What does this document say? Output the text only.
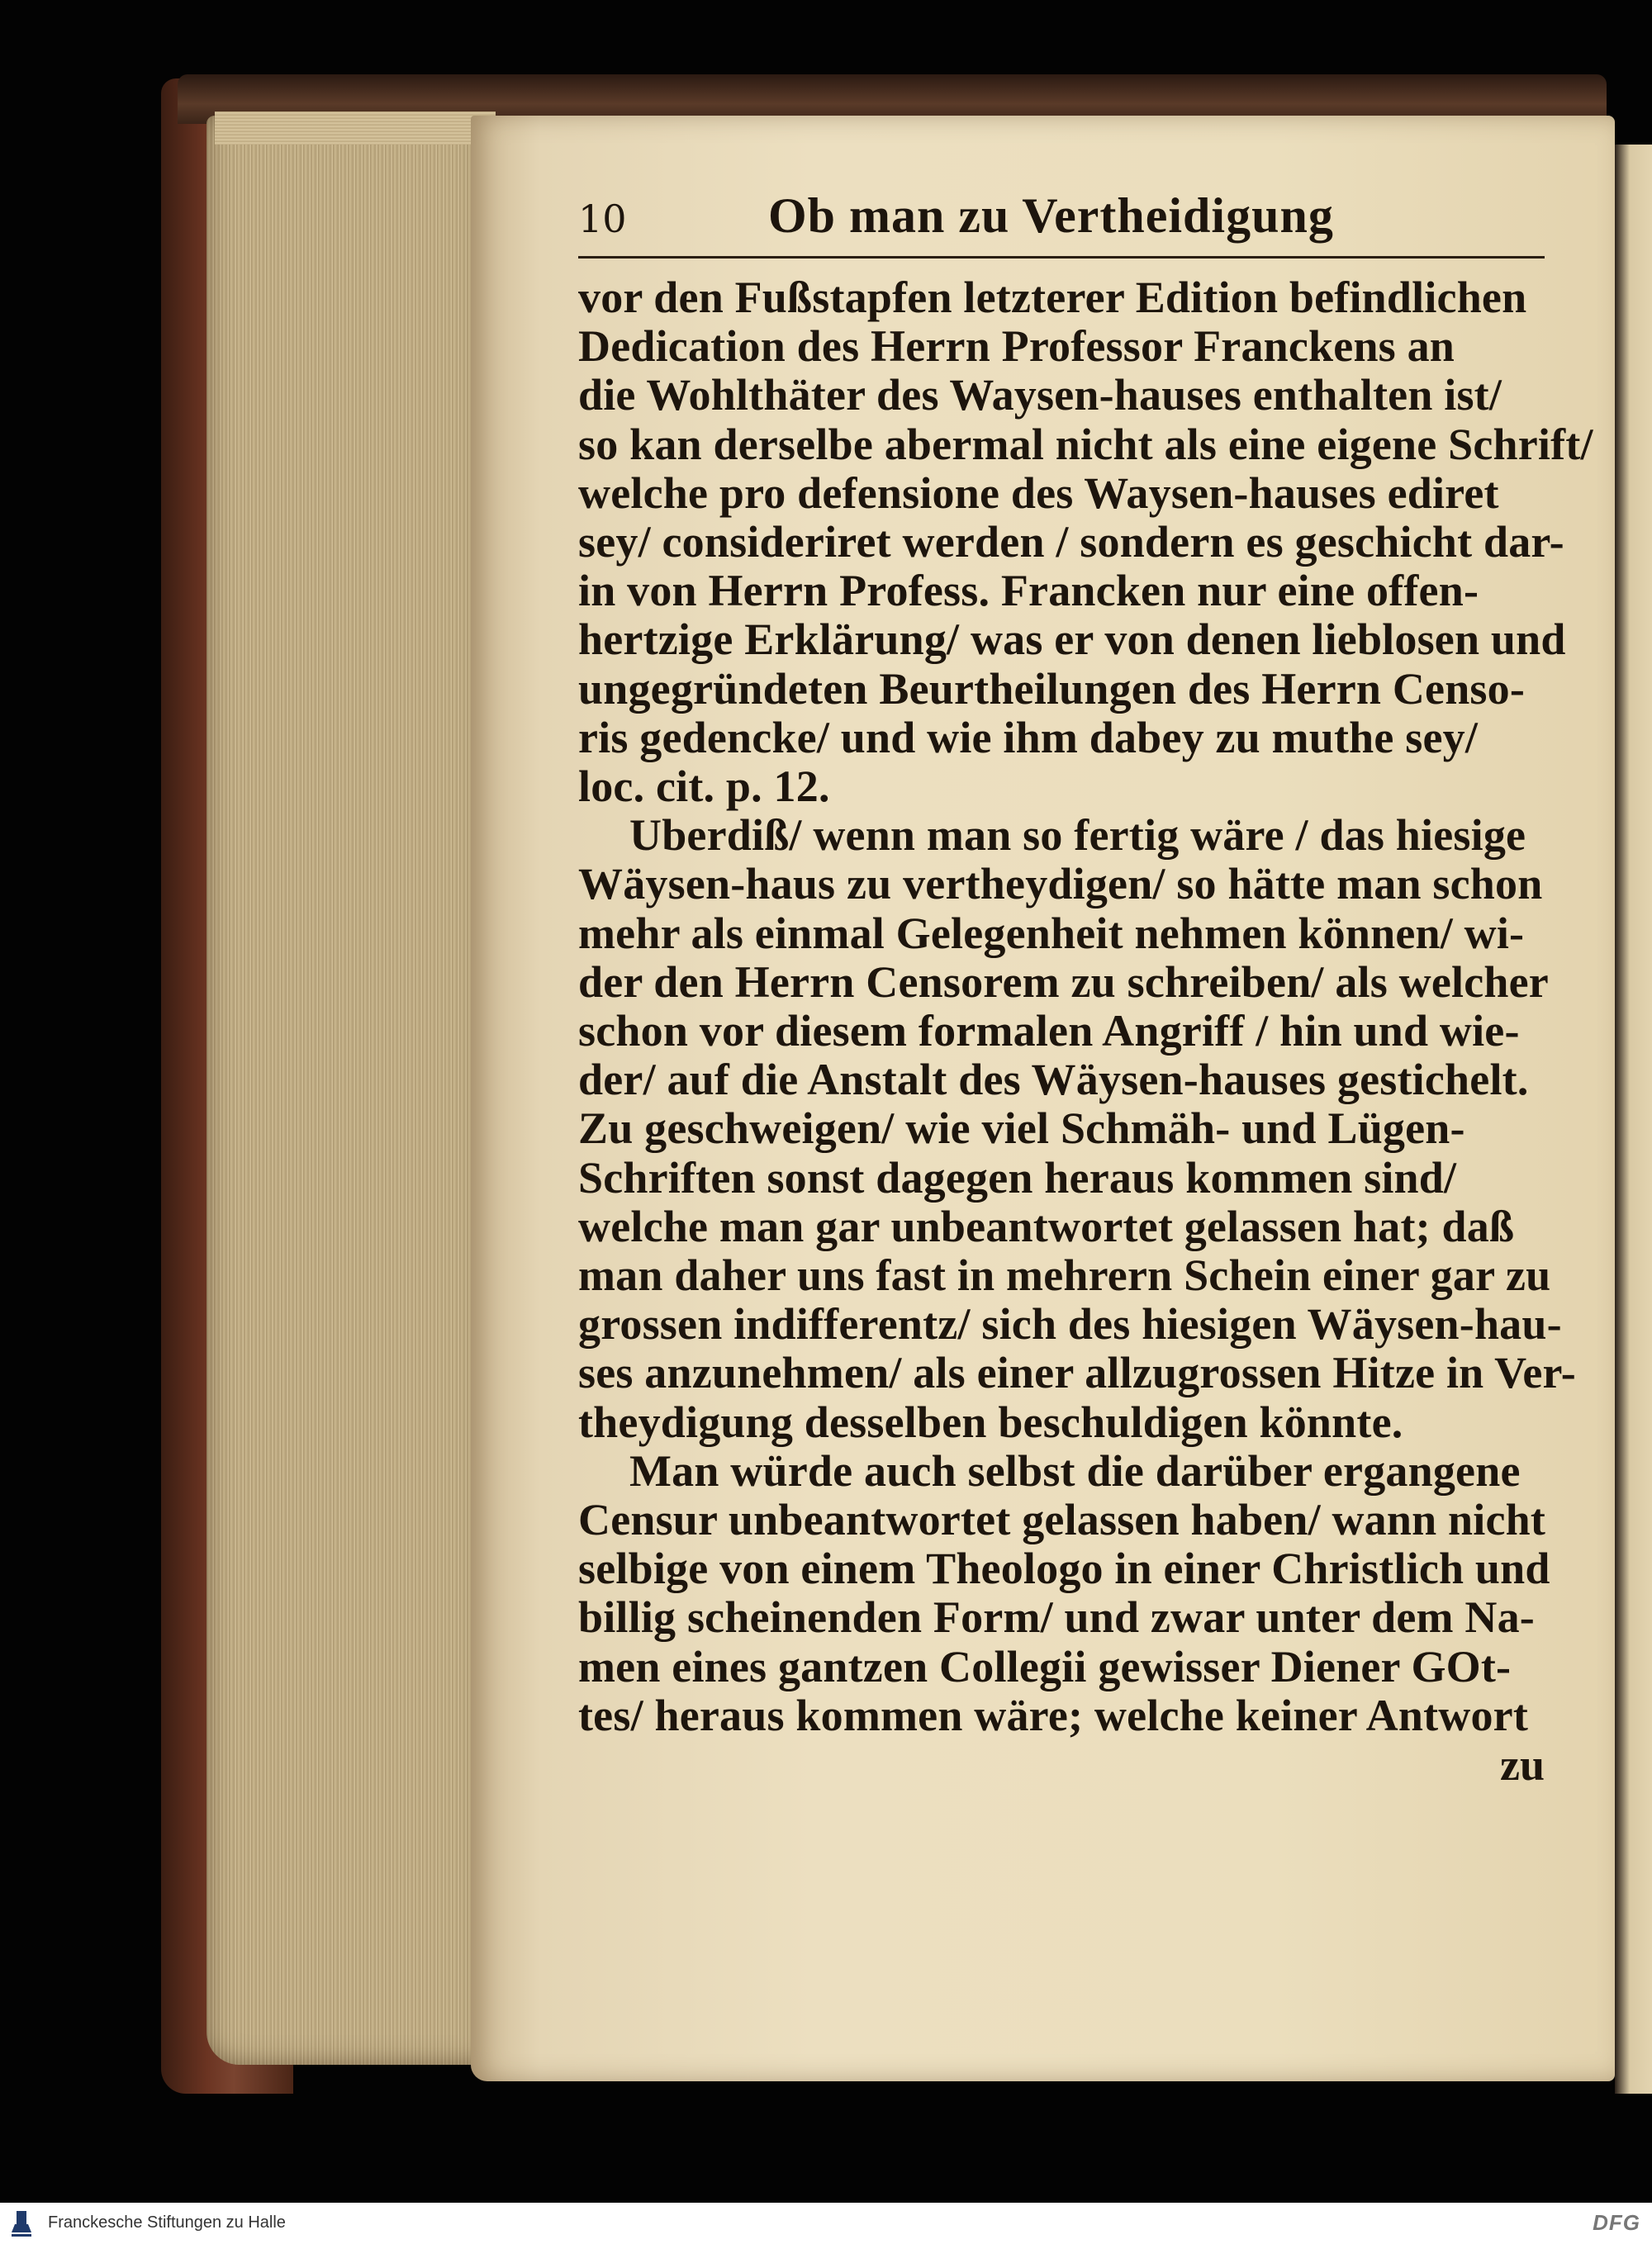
10	Ob man zu Vertheidigung

vor den Fußstapfen letzterer Edition befindlichen

Dedication des Herrn Professor Franckens an

die Wohlthäter des Waysen-hauses enthalten ist/

so kan derselbe abermal nicht als eine eigene Schrift/

welche pro defensione des Waysen-hauses ediret

sey/ consideriret werden / sondern es geschicht dar-

in von Herrn Profess. Francken nur eine offen-

hertzige Erklärung/ was er von denen lieblosen und

ungegründeten Beurtheilungen des Herrn Censo-

ris gedencke/ und wie ihm dabey zu muthe sey/

loc. cit. p. 12.

Uberdiß/ wenn man so fertig wäre / das hiesige

Wäysen-haus zu vertheydigen/ so hätte man schon

mehr als einmal Gelegenheit nehmen können/ wi-

der den Herrn Censorem zu schreiben/ als welcher

schon vor diesem formalen Angriff / hin und wie-

der/ auf die Anstalt des Wäysen-hauses gestichelt.

Zu geschweigen/ wie viel Schmäh- und Lügen-

Schriften sonst dagegen heraus kommen sind/

welche man gar unbeantwortet gelassen hat; daß

man daher uns fast in mehrern Schein einer gar zu

grossen indifferentz/ sich des hiesigen Wäysen-hau-

ses anzunehmen/ als einer allzugrossen Hitze in Ver-

theydigung desselben beschuldigen könnte.

Man würde auch selbst die darüber ergangene

Censur unbeantwortet gelassen haben/ wann nicht

selbige von einem Theologo in einer Christlich und

billig scheinenden Form/ und zwar unter dem Na-

men eines gantzen Collegii gewisser Diener GOt-

tes/ heraus kommen wäre; welche keiner Antwort

zu

Franckesche Stiftungen zu Halle	DFG
